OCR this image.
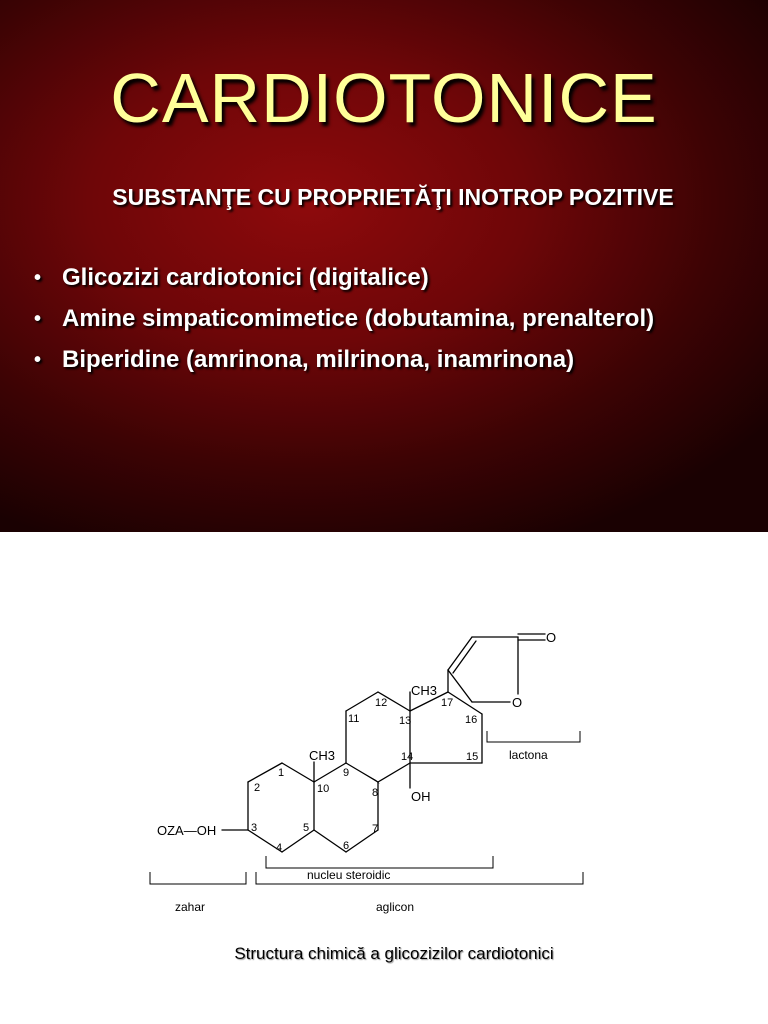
CARDIOTONICE
SUBSTANŢE CU PROPRIETĂŢI INOTROP POZITIVE
• Glicozizi cardiotonici (digitalice)
• Amine simpaticomimetice (dobutamina, prenalterol)
• Biperidine (amrinona, milrinona, inamrinona)
OZA—OH
CH3
CH3
OH
O
O
1
2
3
4
5
6
7
8
9
10
11
12
13
14	15
16
17
lactona
nucleu steroidic
zahar	aglicon
Structura chimică a glicozizilor cardiotonici
